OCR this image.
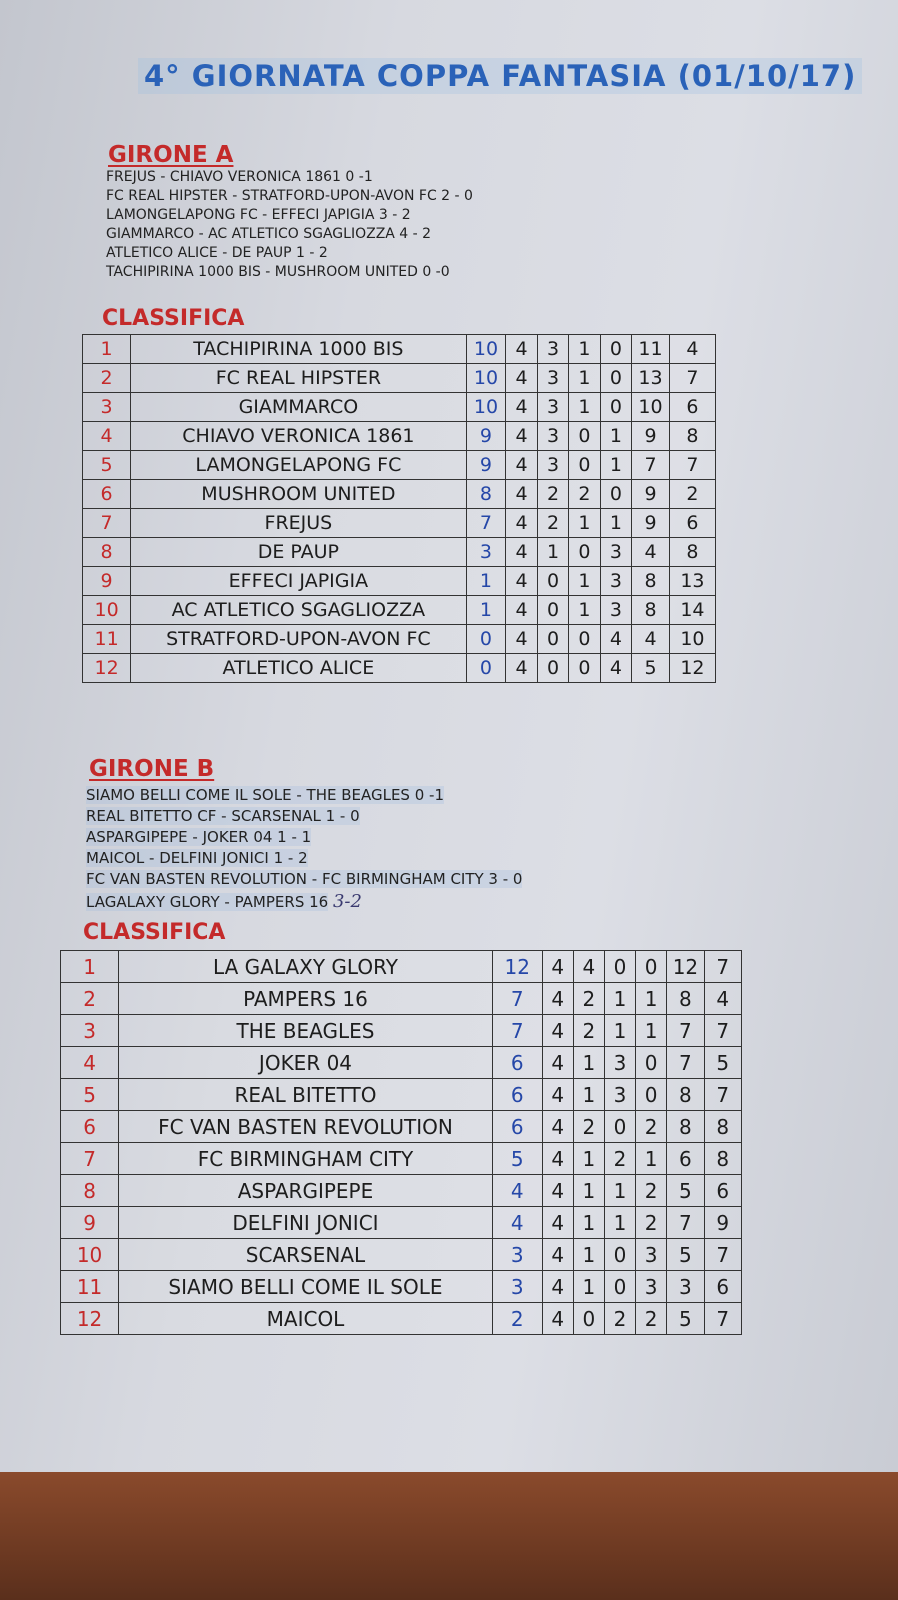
4° GIORNATA COPPA FANTASIA (01/10/17)
GIRONE A
FREJUS - CHIAVO VERONICA 1861 0 -1
FC REAL HIPSTER - STRATFORD-UPON-AVON FC 2 - 0
LAMONGELAPONG FC - EFFECI JAPIGIA 3 - 2
GIAMMARCO - AC ATLETICO SGAGLIOZZA 4 - 2
ATLETICO ALICE - DE PAUP 1 - 2
TACHIPIRINA 1000 BIS - MUSHROOM UNITED 0 -0
CLASSIFICA
1	TACHIPIRINA 1000 BIS	10	4	3	1	0	11	4
2	FC REAL HIPSTER	10	4	3	1	0	13	7
3	GIAMMARCO	10	4	3	1	0	10	6
4	CHIAVO VERONICA 1861	9	4	3	0	1	9	8
5	LAMONGELAPONG FC	9	4	3	0	1	7	7
6	MUSHROOM UNITED	8	4	2	2	0	9	2
7	FREJUS	7	4	2	1	1	9	6
8	DE PAUP	3	4	1	0	3	4	8
9	EFFECI JAPIGIA	1	4	0	1	3	8	13
10	AC ATLETICO SGAGLIOZZA	1	4	0	1	3	8	14
11	STRATFORD-UPON-AVON FC	0	4	0	0	4	4	10
12	ATLETICO ALICE	0	4	0	0	4	5	12
GIRONE B
SIAMO BELLI COME IL SOLE - THE BEAGLES 0 -1
REAL BITETTO CF - SCARSENAL 1 - 0
ASPARGIPEPE - JOKER 04 1 - 1
MAICOL - DELFINI JONICI 1 - 2
FC VAN BASTEN REVOLUTION - FC BIRMINGHAM CITY 3 - 0
LAGALAXY GLORY - PAMPERS 16 3-2
CLASSIFICA
1	LA GALAXY GLORY	12	4	4	0	0	12	7
2	PAMPERS 16	7	4	2	1	1	8	4
3	THE BEAGLES	7	4	2	1	1	7	7
4	JOKER 04	6	4	1	3	0	7	5
5	REAL BITETTO	6	4	1	3	0	8	7
6	FC VAN BASTEN REVOLUTION	6	4	2	0	2	8	8
7	FC BIRMINGHAM CITY	5	4	1	2	1	6	8
8	ASPARGIPEPE	4	4	1	1	2	5	6
9	DELFINI JONICI	4	4	1	1	2	7	9
10	SCARSENAL	3	4	1	0	3	5	7
11	SIAMO BELLI COME IL SOLE	3	4	1	0	3	3	6
12	MAICOL	2	4	0	2	2	5	7
